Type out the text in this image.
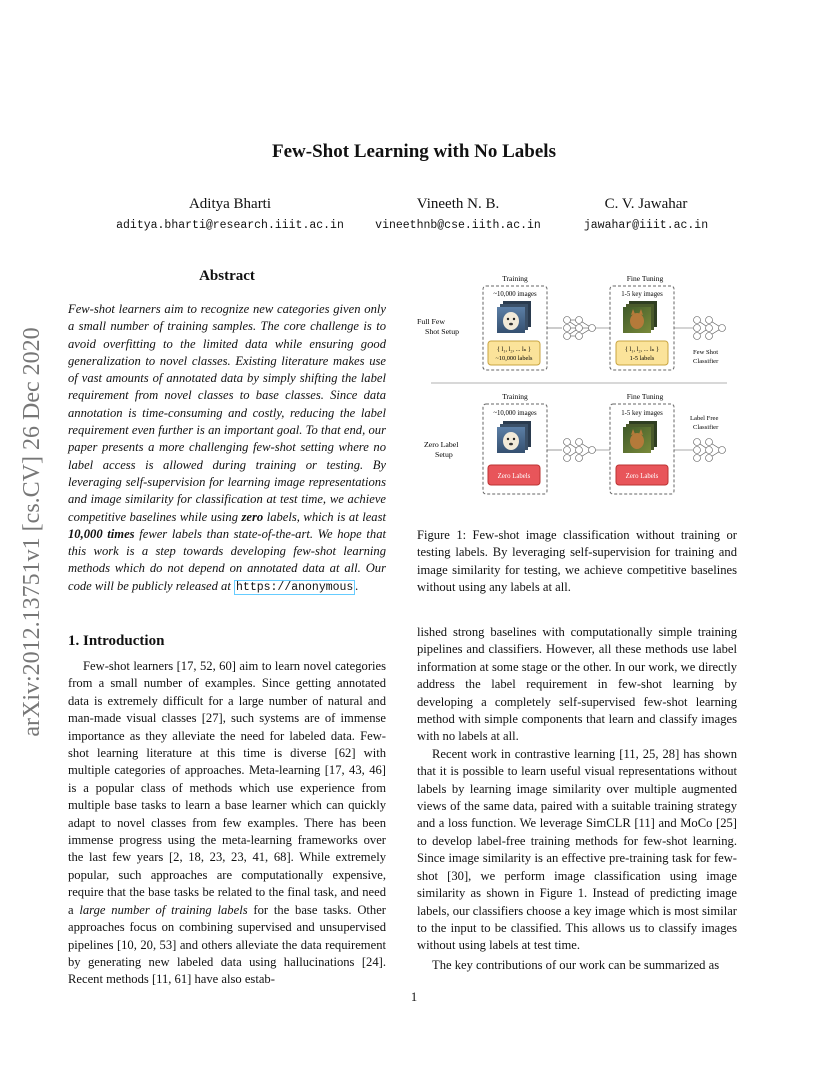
arXiv:2012.13751v1 [cs.CV] 26 Dec 2020
Few-Shot Learning with No Labels
Aditya Bharti
aditya.bharti@research.iiit.ac.in
Vineeth N. B.
vineethnb@cse.iith.ac.in
C. V. Jawahar
jawahar@iiit.ac.in
Abstract
Few-shot learners aim to recognize new categories given only a small number of training samples. The core challenge is to avoid overfitting to the limited data while ensuring good generalization to novel classes. Existing literature makes use of vast amounts of annotated data by simply shifting the label requirement from novel classes to base classes. Since data annotation is time-consuming and costly, reducing the label requirement even further is an important goal. To that end, our paper presents a more challenging few-shot setting where no label access is allowed during training or testing. By leveraging self-supervision for learning image representations and image similarity for classification at test time, we achieve competitive baselines while using zero labels, which is at least 10,000 times fewer labels than state-of-the-art. We hope that this work is a step towards developing few-shot learning methods which do not depend on annotated data at all. Our code will be publicly released at https://anonymous .
Training	Fine Tuning
~10,000 images	1-5 key images
{ l₁, l₂, ... lₙ }
~10,000 labels
{ l₁, l₂, ... lₙ }
1-5 labels
Full Few
Shot Setup
Few Shot
Classifier
Training	Fine Tuning
~10,000 images	1-5 key images
Zero Labels	Zero Labels
Zero Label
Setup
Label Free
Classifier
Figure 1: Few-shot image classification without training or testing labels. By leveraging self-supervision for training and image similarity for testing, we achieve competitive baselines without using any labels at all.
1. Introduction

Few-shot learners [17, 52, 60] aim to learn novel categories from a small number of examples. Since getting annotated data is extremely difficult for a large number of natural and man-made visual classes [27], such systems are of immense importance as they alleviate the need for labeled data. Few-shot learning literature at this time is diverse [62] with multiple categories of approaches. Meta-learning [17, 43, 46] is a popular class of methods which use experience from multiple base tasks to learn a base learner which can quickly adapt to novel classes from few examples. There has been immense progress using the meta-learning frameworks over the last few years [2, 18, 23, 23, 41, 68]. While extremely popular, such approaches are computationally expensive, require that the base tasks be related to the final task, and need a large number of training labels for the base tasks. Other approaches focus on combining supervised and unsupervised pipelines [10, 20, 53] and others alleviate the data requirement by generating new labeled data using hallucinations [24]. Recent methods [11, 61] have also estab-

lished strong baselines with computationally simple training pipelines and classifiers. However, all these methods use label information at some stage or the other. In our work, we directly address the label requirement in few-shot learning by developing a completely self-supervised few-shot learning method with simple components that learn and classify images with no labels at all.

Recent work in contrastive learning [11, 25, 28] has shown that it is possible to learn useful visual representations without labels by learning image similarity over multiple augmented views of the same data, paired with a suitable training strategy and a loss function. We leverage SimCLR [11] and MoCo [25] to develop label-free training methods for few-shot learning. Since image similarity is an effective pre-training task for few-shot [30], we perform image classification using image similarity as shown in Figure 1. Instead of predicting image labels, our classifiers choose a key image which is most similar to the input to be classified. This allows us to classify images without using labels at test time.

The key contributions of our work can be summarized as

1
